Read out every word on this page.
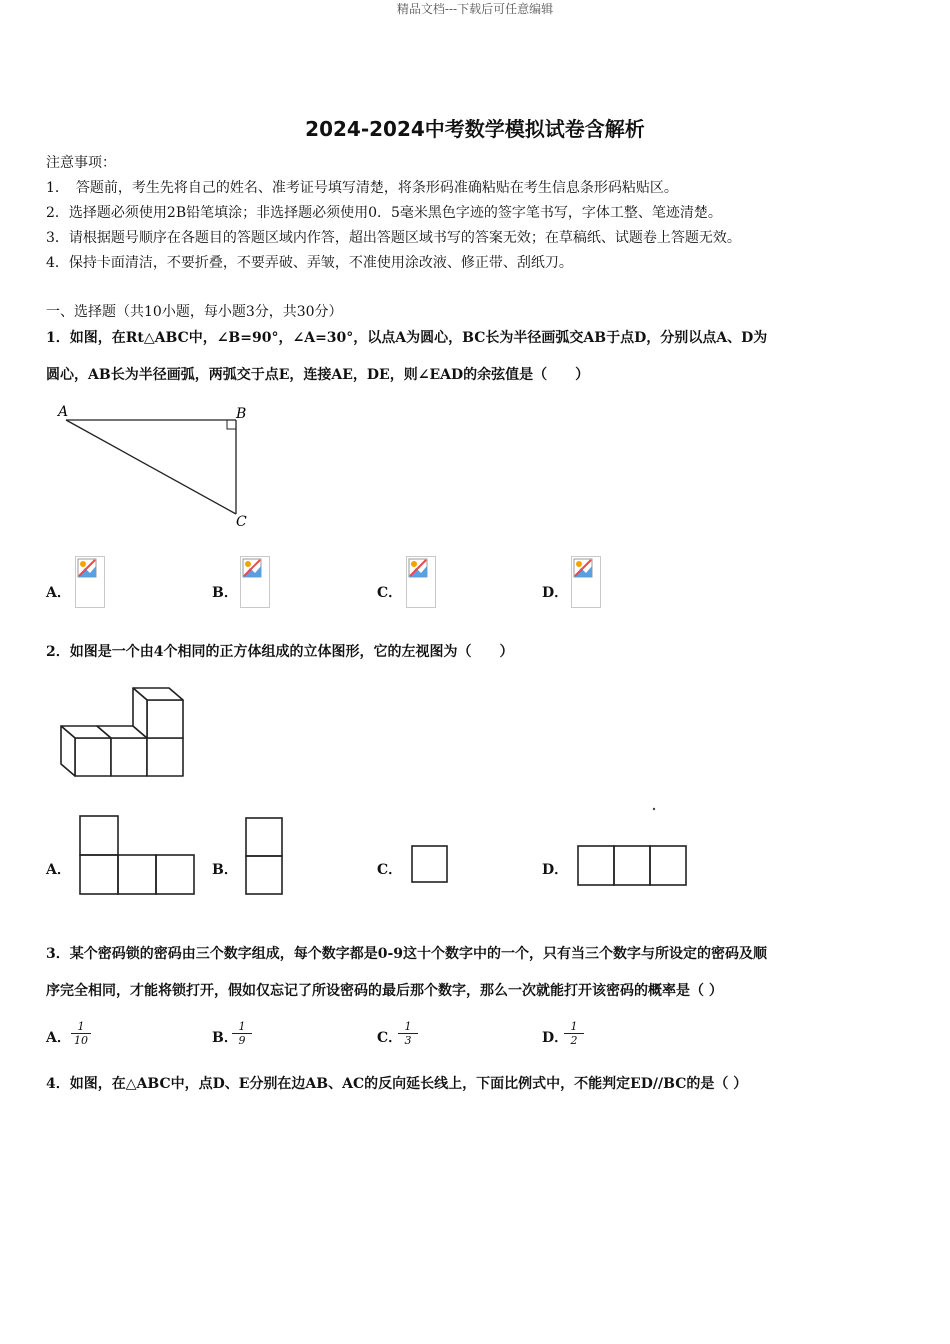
精品文档---下载后可任意编辑
2024-2024中考数学模拟试卷含解析
注意事项：
1．　答题前，考生先将自己的姓名、准考证号填写清楚，将条形码准确粘贴在考生信息条形码粘贴区。
2．选择题必须使用2B铅笔填涂；非选择题必须使用0．5毫米黑色字迹的签字笔书写，字体工整、笔迹清楚。
3．请根据题号顺序在各题目的答题区域内作答，超出答题区域书写的答案无效；在草稿纸、试题卷上答题无效。
4．保持卡面清洁，不要折叠，不要弄破、弄皱，不准使用涂改液、修正带、刮纸刀。
一、选择题（共10小题，每小题3分，共30分）
1．如图，在Rt△ABC中，∠B=90°，∠A=30°，以点A为圆心，BC长为半径画弧交AB于点D，分别以点A、D为
圆心，AB长为半径画弧，两弧交于点E，连接AE，DE，则∠EAD的余弦值是（　　）
A	B
C
A．	B．	C．	D．
2．如图是一个由4个相同的正方体组成的立体图形，它的左视图为（　　）
A．	B．	C．	D．
3．某个密码锁的密码由三个数字组成，每个数字都是0-9这十个数字中的一个，只有当三个数字与所设定的密码及顺
序完全相同，才能将锁打开，假如仅忘记了所设密码的最后那个数字，那么一次就能打开该密码的概率是（ ）
A． $\frac{1}{10}$	B．
$\frac{1}{9}$	C．
$\frac{1}{3}$	D．
$\frac{1}{2}$
4．如图，在△ABC中，点D、E分别在边AB、AC的反向延长线上，下面比例式中，不能判定ED//BC的是（ ）
